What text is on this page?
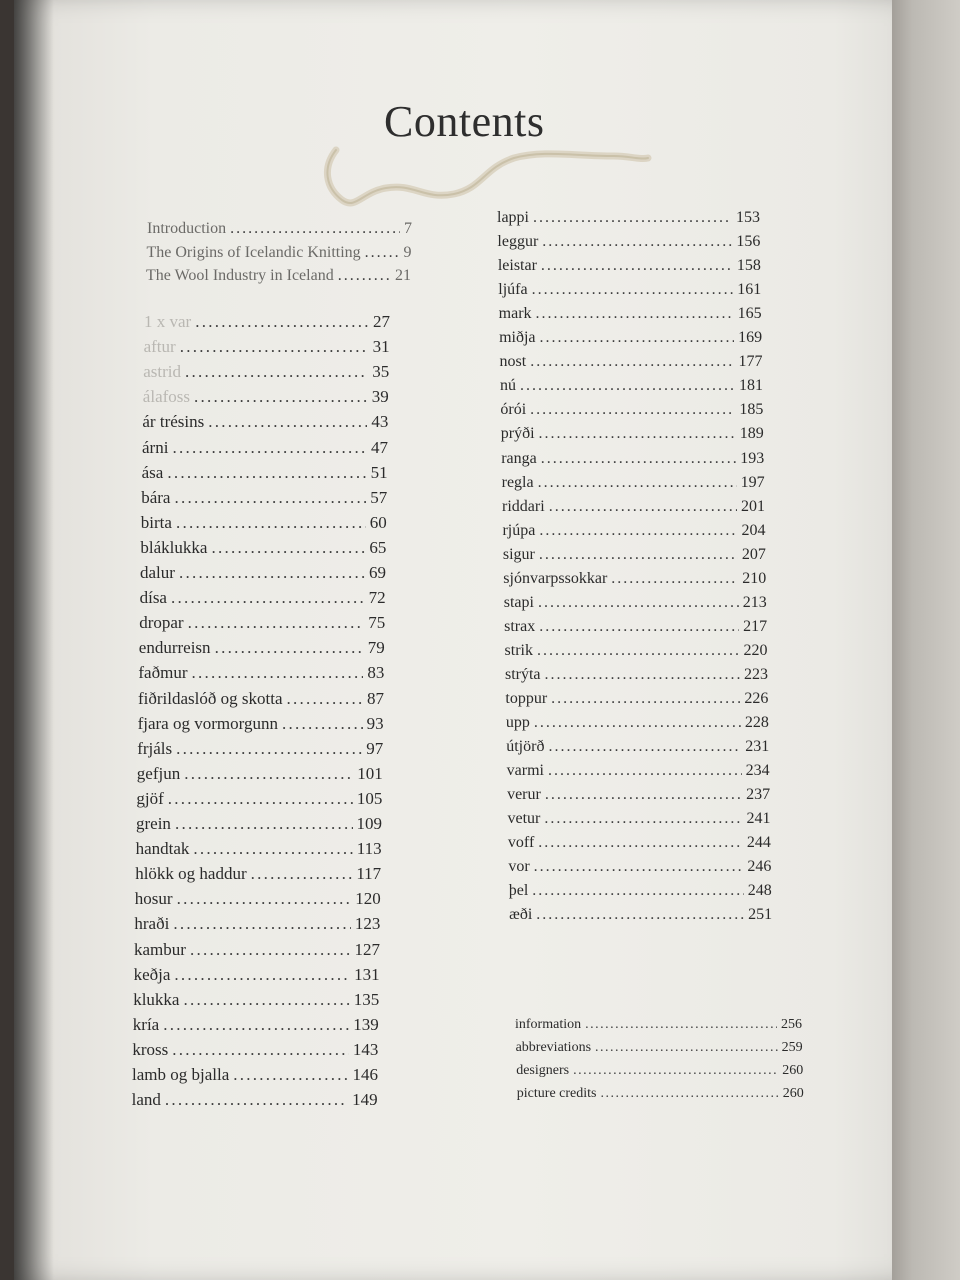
Contents
Introduction . . .	7
The Origins of Icelandic Knitting . . .	9
The Wool Industry in Iceland . . .	21
1 x var . . .	27
aftur . . .	31
astrid . . .	35
álafoss . . .	39
ár trésins . . .	43
árni . . .	47
ása . . .	51
bára . . .	57
birta . . .	60
bláklukka . . .	65
dalur . . .	69
dísa . . .	72
dropar . . .	75
endurreisn . . .	79
faðmur . . .	83
fiðrildaslóð og skotta . . .	87
fjara og vormorgunn . . .	93
frjáls . . .	97
gefjun . . .	101
gjöf . . .	105
grein . . .	109
handtak . . .	113
hlökk og haddur . . .	117
hosur . . .	120
hraði . . .	123
kambur . . .	127
keðja . . .	131
klukka . . .	135
kría . . .	139
kross . . .	143
lamb og bjalla . . .	146
land . . .	149
lappi . . .	153
leggur . . .	156
leistar . . .	158
ljúfa . . .	161
mark . . .	165
miðja . . .	169
nost . . .	177
nú . . .	181
órói . . .	185
prýði . . .	189
ranga . . .	193
regla . . .	197
riddari . . .	201
rjúpa . . .	204
sigur . . .	207
sjónvarpssokkar . . .	210
stapi . . .	213
strax . . .	217
strik . . .	220
strýta . . .	223
toppur . . .	226
upp . . .	228
útjörð . . .	231
varmi . . .	234
verur . . .	237
vetur . . .	241
voff . . .	244
vor . . .	246
þel . . .	248
æði . . .	251
information . . .	256
abbreviations . . .	259
designers . . .	260
picture credits . . .	260
